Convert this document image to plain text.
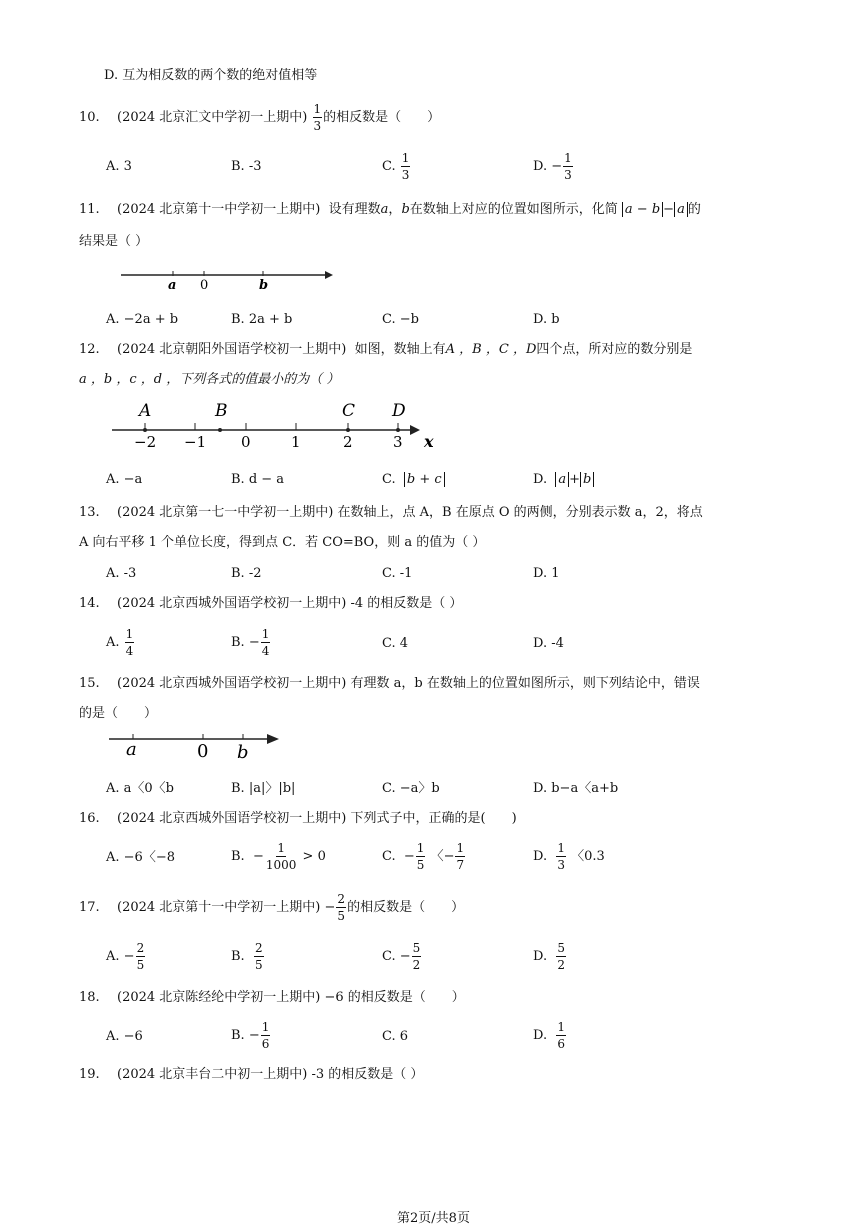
D. 互为相反数的两个数的绝对值相等
10. (2024 北京汇文中学初一上期中) $\frac{1}{3}$ 的相反数是（　　）
A. 3	B. -3	C. $\frac{1}{3}$	D. − $\frac{1}{3}$
11. (2024 北京第十一中学初一上期中) 设有理数a，b在数轴上对应的位置如图所示，化简 a − b − a 的
结果是（ ）
a 0	b
A. −2a + b	B. 2a + b	C. −b	D. b
12. (2024 北京朝阳外国语学校初一上期中) 如图，数轴上有A ，B ，C ，D四个点，所对应的数分别是
a ，b ，c ，d ，下列各式的值最小的为（ ）
A	B	C D
−2 −1 0	1	2	3 x
A. −a	B. d − a	C. b + c	D. a + b
13. (2024 北京第一七一中学初一上期中) 在数轴上，点 A，B 在原点 O 的两侧，分别表示数 a，2，将点
A 向右平移 1 个单位长度，得到点 C．若 CO=BO，则 a 的值为（ ）
A. -3	B. -2	C. -1	D. 1
14. (2024 北京西城外国语学校初一上期中) -4 的相反数是（ ）
A. $\frac{1}{4}$	B. − $\frac{1}{4}$	C. 4	D. -4
15. (2024 北京西城外国语学校初一上期中) 有理数 a，b 在数轴上的位置如图所示，则下列结论中，错误
的是（　　）
a	0 b
A. a〈0〈b	B. |a|〉|b|	C. −a〉b	D. b−a〈a+b
16. (2024 北京西城外国语学校初一上期中) 下列式子中，正确的是(　　)
A. −6〈−8	B. − $\frac{1}{1000} > 0$	C. − $\frac{1}{5}$ 〈− $\frac{1}{7}$	D. $\frac{1}{3}$ 〈0.3
17. (2024 北京第十一中学初一上期中) − $\frac{2}{5}$ 的相反数是（　　）
A. − $\frac{2}{5}$	B. $\frac{2}{5}$	C. − $\frac{5}{2}$	D. $\frac{5}{2}$
18. (2024 北京陈经纶中学初一上期中) −6 的相反数是（　　）
A. −6	B. − $\frac{1}{6}$	C. 6	D. $\frac{1}{6}$
19. (2024 北京丰台二中初一上期中) -3 的相反数是（ ）
第2页/共8页
